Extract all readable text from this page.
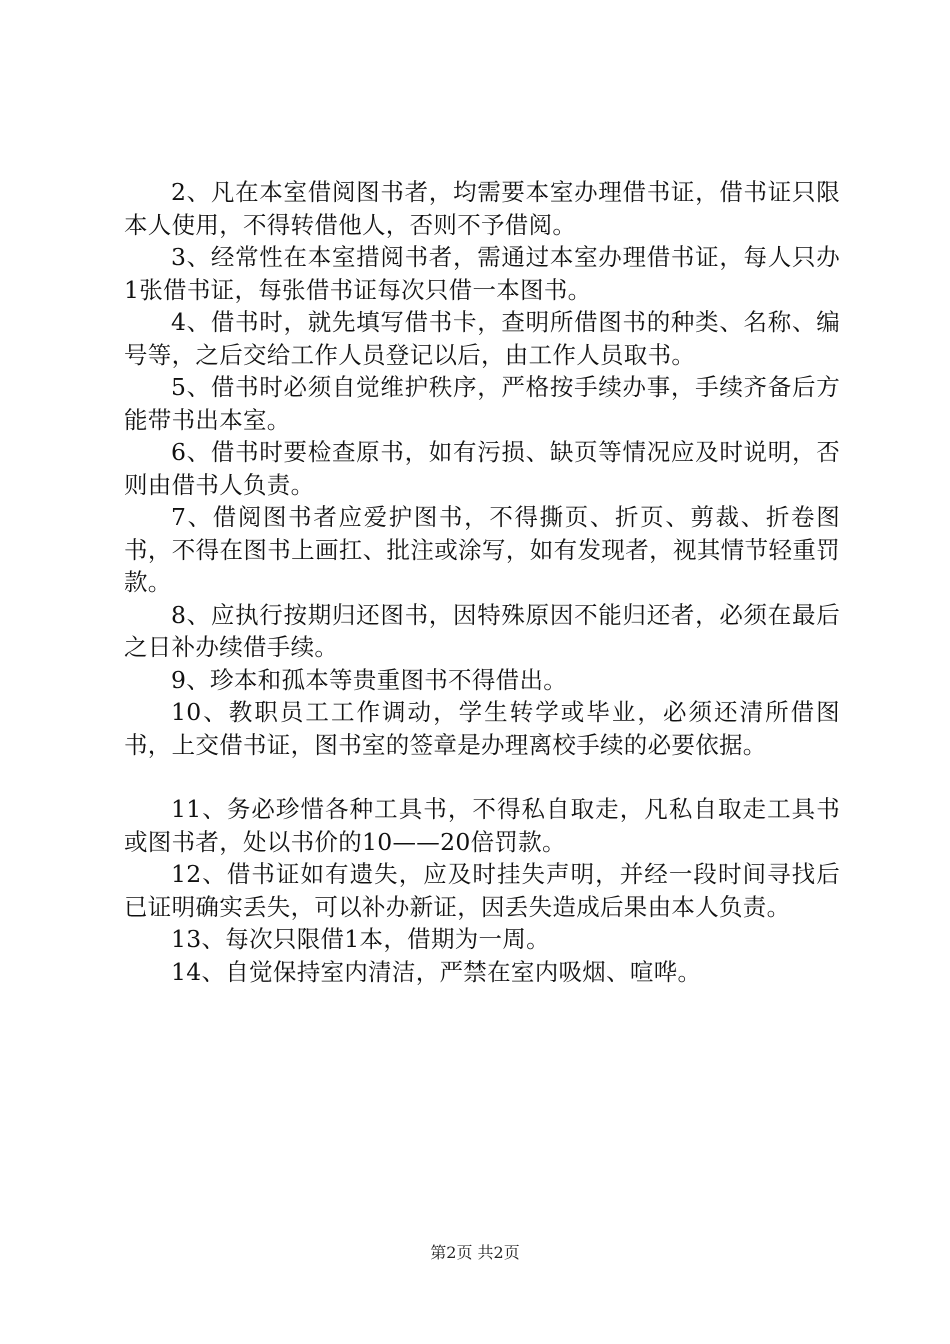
2、凡在本室借阅图书者，均需要本室办理借书证，借书证只限本人使用，不得转借他人，否则不予借阅。

3、经常性在本室措阅书者，需通过本室办理借书证，每人只办1张借书证，每张借书证每次只借一本图书。

4、借书时，就先填写借书卡，查明所借图书的种类、名称、编号等，之后交给工作人员登记以后，由工作人员取书。

5、借书时必须自觉维护秩序，严格按手续办事，手续齐备后方能带书出本室。

6、借书时要检查原书，如有污损、缺页等情况应及时说明，否则由借书人负责。

7、借阅图书者应爱护图书，不得撕页、折页、剪裁、折卷图书，不得在图书上画扛、批注或涂写，如有发现者，视其情节轻重罚款。

8、应执行按期归还图书，因特殊原因不能归还者，必须在最后之日补办续借手续。

9、珍本和孤本等贵重图书不得借出。

10、教职员工工作调动，学生转学或毕业，必须还清所借图书，上交借书证，图书室的签章是办理离校手续的必要依据。

11、务必珍惜各种工具书，不得私自取走，凡私自取走工具书或图书者，处以书价的10——20倍罚款。

12、借书证如有遗失，应及时挂失声明，并经一段时间寻找后已证明确实丢失，可以补办新证，因丢失造成后果由本人负责。

13、每次只限借1本，借期为一周。

14、自觉保持室内清洁，严禁在室内吸烟、喧哗。

第2页 共2页
